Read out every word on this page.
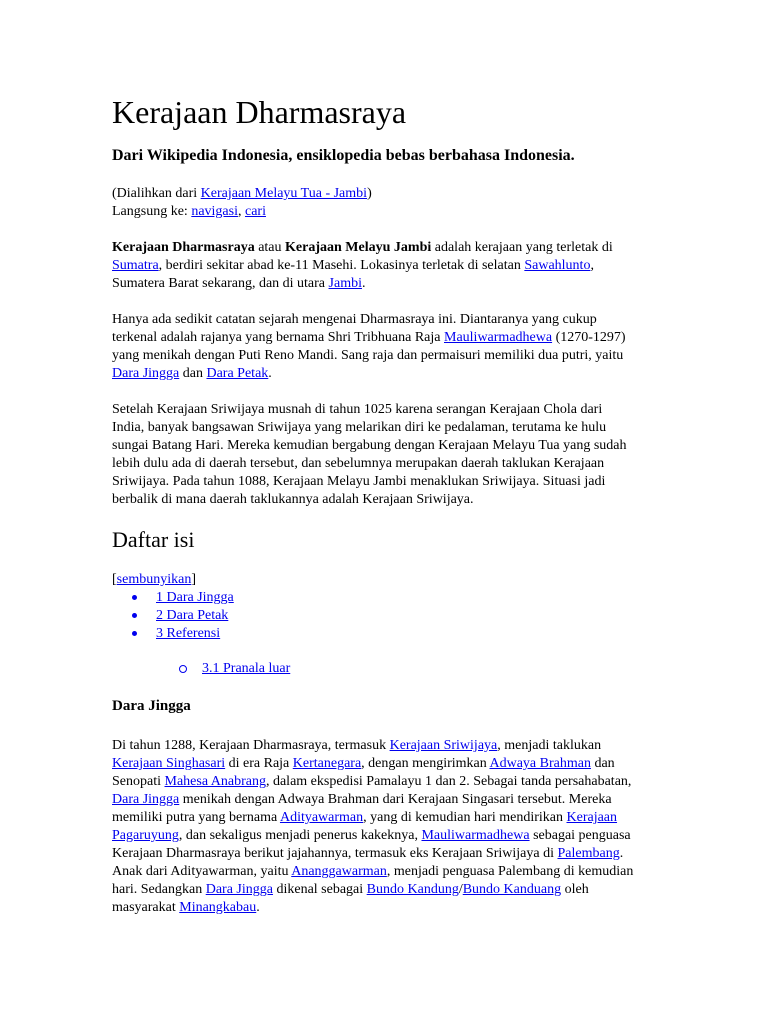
Kerajaan Dharmasraya

Dari Wikipedia Indonesia, ensiklopedia bebas berbahasa Indonesia.

(Dialihkan dari Kerajaan Melayu Tua - Jambi)
Langsung ke: navigasi, cari

Kerajaan Dharmasraya atau Kerajaan Melayu Jambi adalah kerajaan yang terletak di Sumatra, berdiri sekitar abad ke-11 Masehi. Lokasinya terletak di selatan Sawahlunto, Sumatera Barat sekarang, dan di utara Jambi.

Hanya ada sedikit catatan sejarah mengenai Dharmasraya ini. Diantaranya yang cukup terkenal adalah rajanya yang bernama Shri Tribhuana Raja Mauliwarmadhewa (1270-1297) yang menikah dengan Puti Reno Mandi. Sang raja dan permaisuri memiliki dua putri, yaitu Dara Jingga dan Dara Petak.

Setelah Kerajaan Sriwijaya musnah di tahun 1025 karena serangan Kerajaan Chola dari India, banyak bangsawan Sriwijaya yang melarikan diri ke pedalaman, terutama ke hulu sungai Batang Hari. Mereka kemudian bergabung dengan Kerajaan Melayu Tua yang sudah lebih dulu ada di daerah tersebut, dan sebelumnya merupakan daerah taklukan Kerajaan Sriwijaya. Pada tahun 1088, Kerajaan Melayu Jambi menaklukan Sriwijaya. Situasi jadi berbalik di mana daerah taklukannya adalah Kerajaan Sriwijaya.

Daftar isi
[sembunyikan]
1 Dara Jingga
2 Dara Petak
3 Referensi
3.1 Pranala luar
Dara Jingga

Di tahun 1288, Kerajaan Dharmasraya, termasuk Kerajaan Sriwijaya, menjadi taklukan Kerajaan Singhasari di era Raja Kertanegara, dengan mengirimkan Adwaya Brahman dan Senopati Mahesa Anabrang, dalam ekspedisi Pamalayu 1 dan 2. Sebagai tanda persahabatan, Dara Jingga menikah dengan Adwaya Brahman dari Kerajaan Singasari tersebut. Mereka memiliki putra yang bernama Adityawarman, yang di kemudian hari mendirikan Kerajaan Pagaruyung, dan sekaligus menjadi penerus kakeknya, Mauliwarmadhewa sebagai penguasa Kerajaan Dharmasraya berikut jajahannya, termasuk eks Kerajaan Sriwijaya di Palembang. Anak dari Adityawarman, yaitu Ananggawarman, menjadi penguasa Palembang di kemudian hari. Sedangkan Dara Jingga dikenal sebagai Bundo Kandung/Bundo Kanduang oleh masyarakat Minangkabau.
